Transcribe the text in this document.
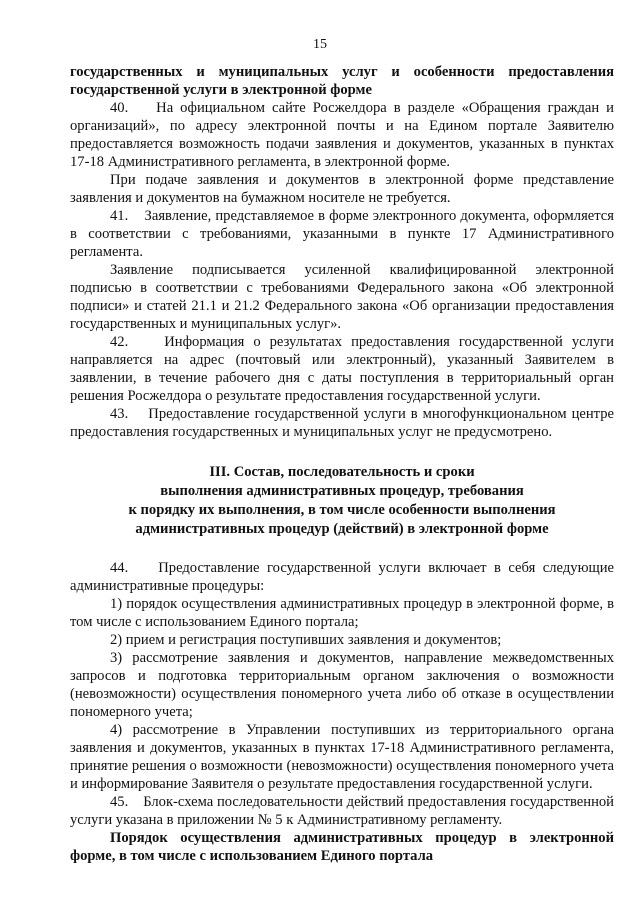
15

государственных и муниципальных услуг и особенности предоставления государственной услуги в электронной форме

40.    На официальном сайте Росжелдора в разделе «Обращения граждан и организаций», по адресу электронной почты и на Едином портале Заявителю предоставляется возможность подачи заявления и документов, указанных в пунктах 17-18 Административного регламента, в электронной форме.

При подаче заявления и документов в электронной форме представление заявления и документов на бумажном носителе не требуется.

41.    Заявление, представляемое в форме электронного документа, оформляется в соответствии с требованиями, указанными в пункте 17 Административного регламента.

Заявление подписывается усиленной квалифицированной электронной подписью в соответствии с требованиями Федерального закона «Об электронной подписи» и статей 21.1 и 21.2 Федерального закона «Об организации предоставления государственных и муниципальных услуг».

42.    Информация о результатах предоставления государственной услуги направляется на адрес (почтовый или электронный), указанный Заявителем в заявлении, в течение рабочего дня с даты поступления в территориальный орган решения Росжелдора о результате предоставления государственной услуги.

43.    Предоставление государственной услуги в многофункциональном центре предоставления государственных и муниципальных услуг не предусмотрено.

III. Состав, последовательность и сроки
выполнения административных процедур, требования
к порядку их выполнения, в том числе особенности выполнения
административных процедур (действий) в электронной форме

44.    Предоставление государственной услуги включает в себя следующие административные процедуры:

1) порядок осуществления административных процедур в электронной форме, в том числе с использованием Единого портала;

2) прием и регистрация поступивших заявления и документов;

3) рассмотрение заявления и документов, направление межведомственных запросов и подготовка территориальным органом заключения о возможности (невозможности) осуществления пономерного учета либо об отказе в осуществлении пономерного учета;

4) рассмотрение в Управлении поступивших из территориального органа заявления и документов, указанных в пунктах 17-18 Административного регламента, принятие решения о возможности (невозможности) осуществления пономерного учета и информирование Заявителя о результате предоставления государственной услуги.

45.    Блок-схема последовательности действий предоставления государственной услуги указана в приложении № 5 к Административному регламенту.

Порядок осуществления административных процедур в электронной форме, в том числе с использованием Единого портала
